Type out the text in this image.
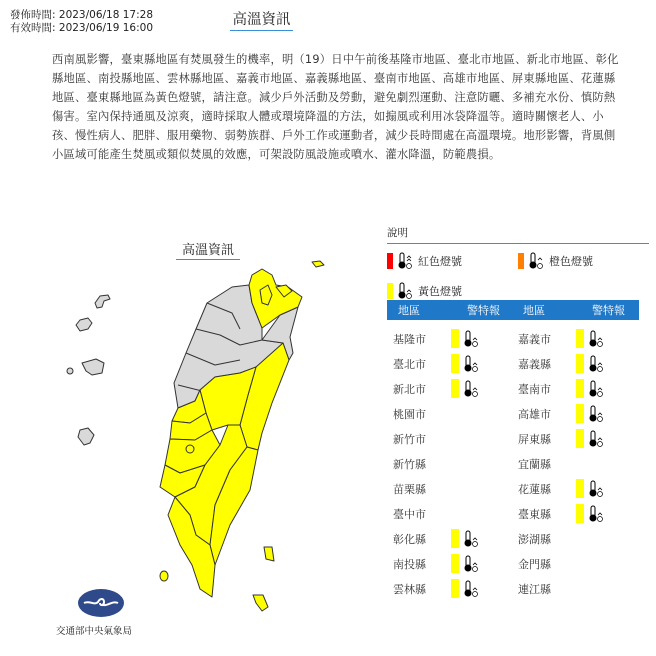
發佈時間: 2023/06/18 17:28
有效時間: 2023/06/19 16:00	高溫資訊
西南風影響，臺東縣地區有焚風發生的機率，明（19）日中午前後基隆市地區、臺北市地區、新北市地區、彰化縣地區、南投縣地區、雲林縣地區、嘉義市地區、嘉義縣地區、臺南市地區、高雄市地區、屏東縣地區、花蓮縣地區、臺東縣地區為黃色燈號，請注意。減少戶外活動及勞動，避免劇烈運動、注意防曬、多補充水份、慎防熱傷害。室內保持通風及涼爽，適時採取人體或環境降溫的方法，如搧風或利用冰袋降溫等。適時關懷老人、小孩、慢性病人、肥胖、服用藥物、弱勢族群、戶外工作或運動者，減少長時間處在高溫環境。地形影響，背風側小區域可能產生焚風或類似焚風的效應，可架設防風設施或噴水、灌水降溫，防範農損。
高溫資訊
交通部中央氣象局
說明
紅色燈號	橙色燈號
黃色燈號
地區	警特報
基隆市
臺北市
新北市
桃園市
新竹市
新竹縣
苗栗縣
臺中市
彰化縣
南投縣
雲林縣
地區	警特報
嘉義市
嘉義縣
臺南市
高雄市
屏東縣
宜蘭縣
花蓮縣
臺東縣
澎湖縣
金門縣
連江縣
